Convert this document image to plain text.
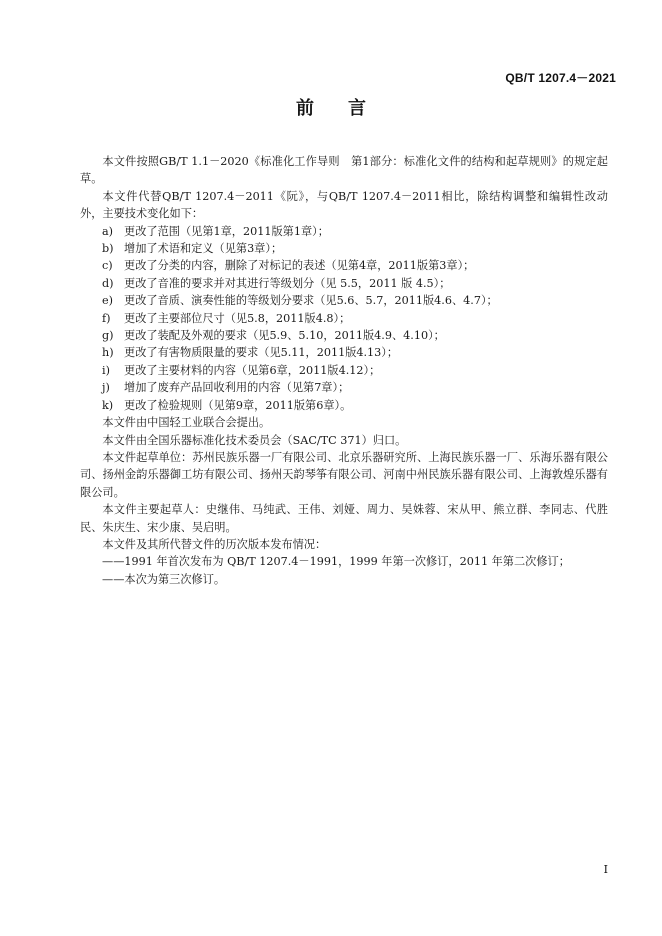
QB/T 1207.4－2021
前言

本文件按照GB/T 1.1－2020《标准化工作导则　第1部分：标准化文件的结构和起草规则》的规定起草。

本文件代替QB/T 1207.4－2011《阮》，与QB/T 1207.4－2011相比，除结构调整和编辑性改动外，主要技术变化如下：

a) 更改了范围（见第1章，2011版第1章）；
b) 增加了术语和定义（见第3章）；
c)	更改了分类的内容，删除了对标记的表述（见第4章，2011版第3章）；
d) 更改了音准的要求并对其进行等级划分（见 5.5，2011 版 4.5）；
e) 更改了音质、演奏性能的等级划分要求（见5.6、5.7，2011版4.6、4.7）；
f)	更改了主要部位尺寸（见5.8，2011版4.8）；
g) 更改了装配及外观的要求（见5.9、5.10，2011版4.9、4.10）；
h) 更改了有害物质限量的要求（见5.11，2011版4.13）；
i)	更改了主要材料的内容（见第6章，2011版4.12）；
j)	增加了废弃产品回收利用的内容（见第7章）；
k) 更改了检验规则（见第9章，2011版第6章）。

本文件由中国轻工业联合会提出。

本文件由全国乐器标准化技术委员会（SAC/TC 371）归口。

本文件起草单位：苏州民族乐器一厂有限公司、北京乐器研究所、上海民族乐器一厂、乐海乐器有限公司、扬州金韵乐器御工坊有限公司、扬州天韵琴筝有限公司、河南中州民族乐器有限公司、上海敦煌乐器有限公司。

本文件主要起草人：史继伟、马纯武、王伟、刘娅、周力、吴姝蓉、宋从甲、熊立群、李同志、代胜民、朱庆生、宋少康、吴启明。

本文件及其所代替文件的历次版本发布情况：

——1991 年首次发布为 QB/T 1207.4－1991，1999 年第一次修订，2011 年第二次修订；
——本次为第三次修订。
I
